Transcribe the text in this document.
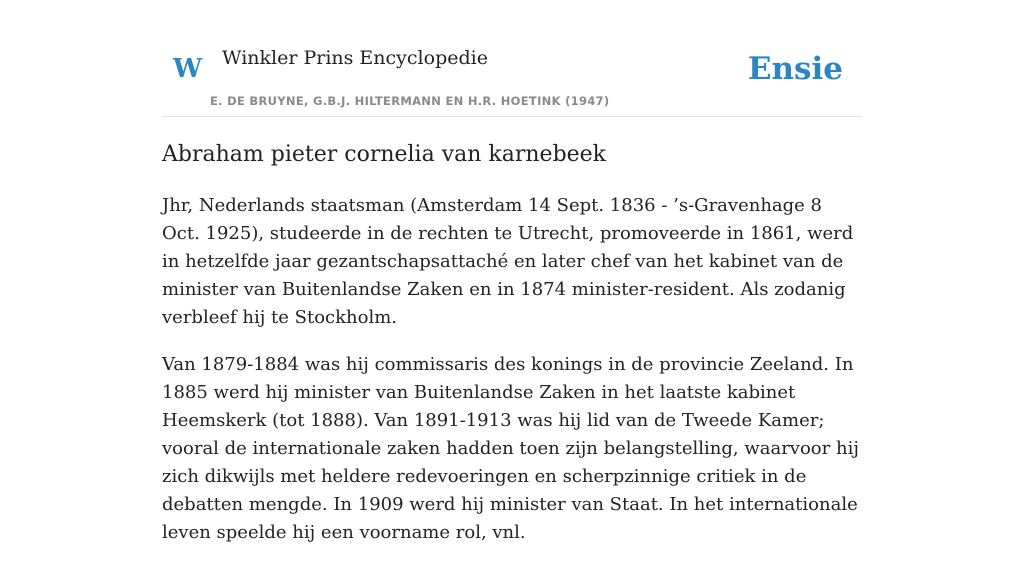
W Winkler Prins Encyclopedie
E. DE BRUYNE, G.B.J. HILTERMANN EN H.R. HOETINK (1947)
Ensie
Abraham pieter cornelia van karnebeek

Jhr, Nederlands staatsman (Amsterdam 14 Sept. 1836 - ’s-Gravenhage 8 Oct. 1925), studeerde in de rechten te Utrecht, promoveerde in 1861, werd in hetzelfde jaar gezantschapsattaché en later chef van het kabinet van de minister van Buitenlandse Zaken en in 1874 minister-resident. Als zodanig verbleef hij te Stockholm.

Van 1879-1884 was hij commissaris des konings in de provincie Zeeland. In 1885 werd hij minister van Buitenlandse Zaken in het laatste kabinet Heemskerk (tot 1888). Van 1891-1913 was hij lid van de Tweede Kamer; vooral de internationale zaken hadden toen zijn belangstelling, waarvoor hij zich dikwijls met heldere redevoeringen en scherpzinnige critiek in de debatten mengde. In 1909 werd hij minister van Staat. In het internationale leven speelde hij een voorname rol, vnl.
